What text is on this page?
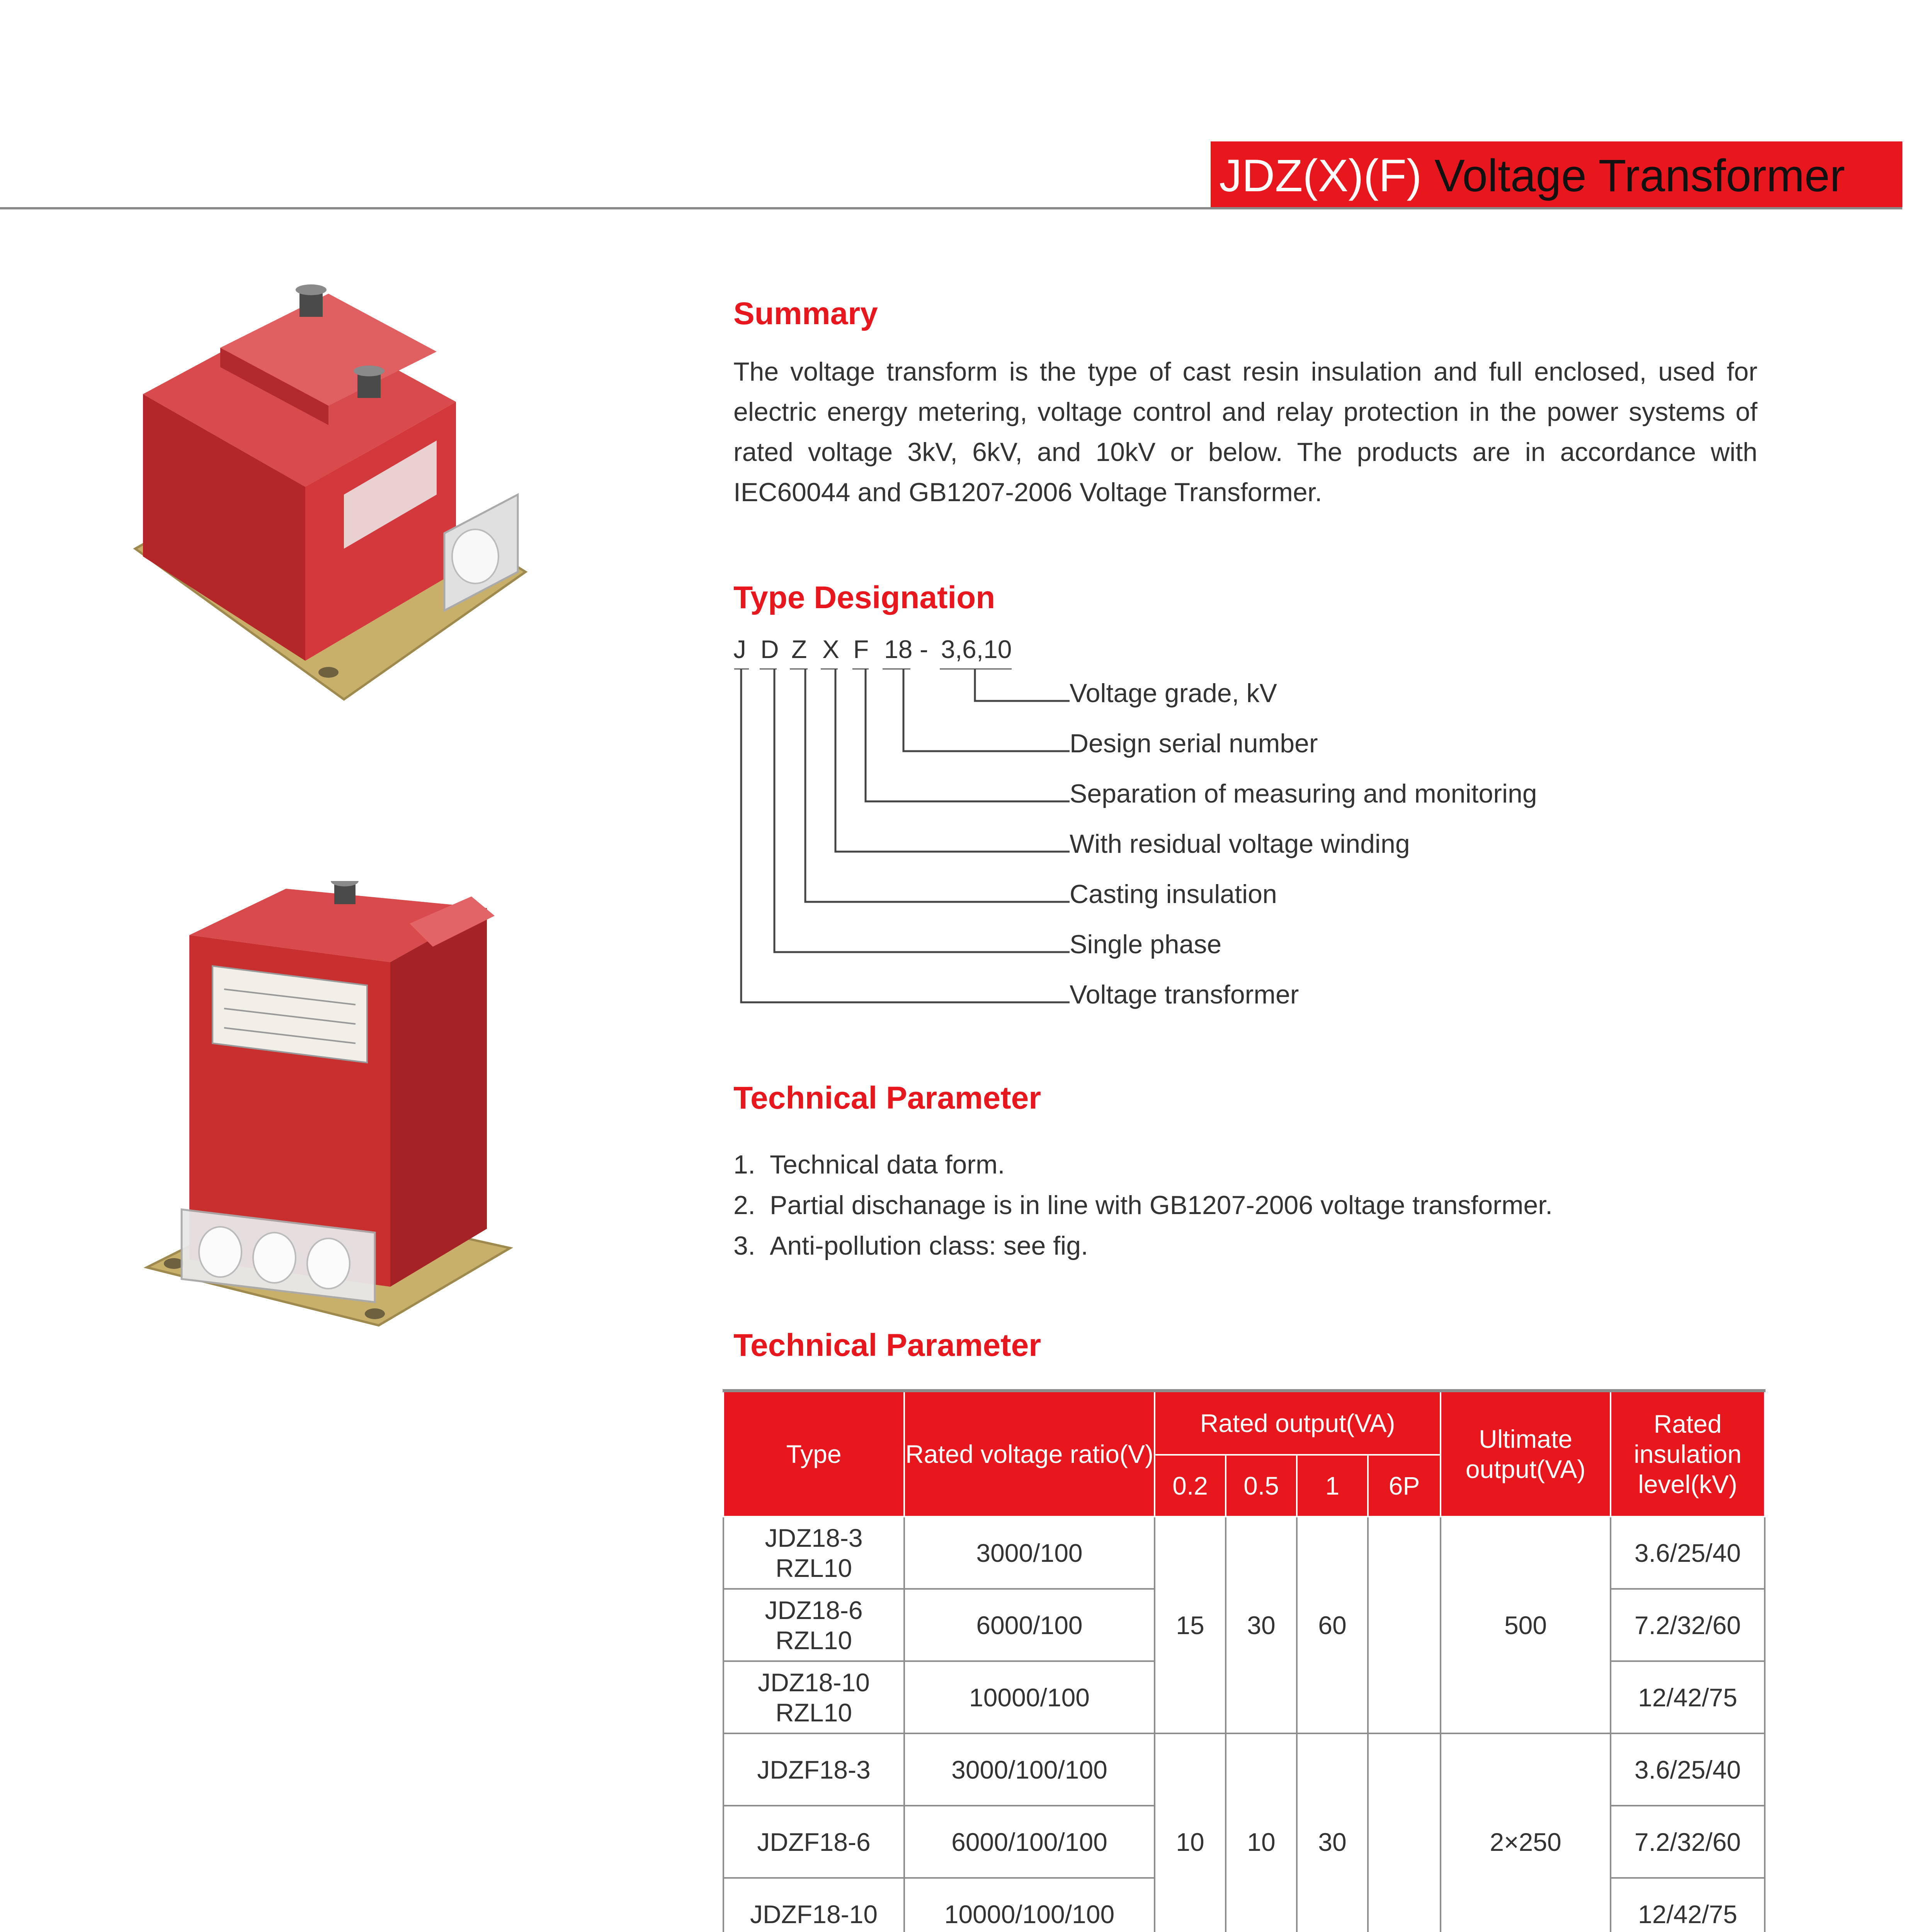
JDZ(X)(F) Voltage Transformer
Summary
The voltage transform is the type of cast resin insulation and full enclosed, used for electric energy metering, voltage control and relay protection in the power systems of rated voltage 3kV, 6kV, and 10kV or below. The products are in accordance with IEC60044 and GB1207-2006 Voltage Transformer.
Type Designation
J D Z X F 18 - 3,6,10
Voltage grade, kV
Design serial number
Separation of measuring and monitoring
With residual voltage winding
Casting insulation
Single phase
Voltage transformer
Technical Parameter
1. Technical data form.
2. Partial dischanage is in line with GB1207-2006 voltage transformer.
3. Anti-pollution class: see fig.
Technical Parameter
Type	Rated voltage ratio(V)	Rated output(VA)				Ultimate output(VA)	Rated insulation level(kV)
		0.2	0.5	1	6P		
JDZ18-3
RZL10	3000/100	15	30	60		500	3.6/25/40
JDZ18-6
RZL10	6000/100						7.2/32/60
JDZ18-10
RZL10	10000/100						12/42/75
JDZF18-3	3000/100/100	10	10	30		2×250	3.6/25/40
JDZF18-6	6000/100/100						7.2/32/60
JDZF18-10	10000/100/100						12/42/75
